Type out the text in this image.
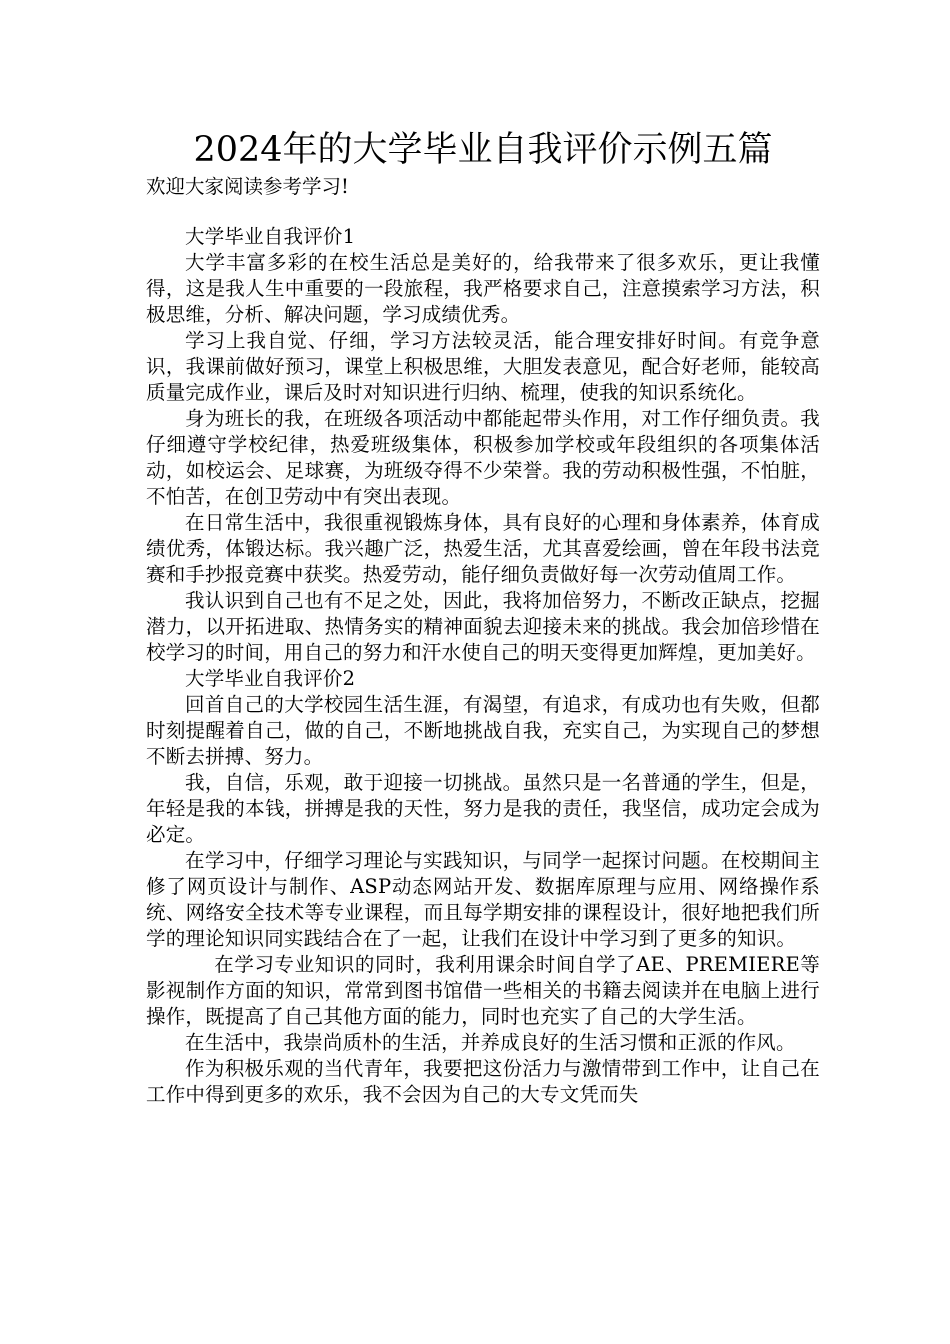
2024年的大学毕业自我评价示例五篇
欢迎大家阅读参考学习!

大学毕业自我评价1

大学丰富多彩的在校生活总是美好的，给我带来了很多欢乐，更让我懂得，这是我人生中重要的一段旅程，我严格要求自己，注意摸索学习方法，积极思维，分析、解决问题，学习成绩优秀。

学习上我自觉、仔细，学习方法较灵活，能合理安排好时间。有竞争意识，我课前做好预习，课堂上积极思维，大胆发表意见，配合好老师，能较高质量完成作业，课后及时对知识进行归纳、梳理，使我的知识系统化。

身为班长的我，在班级各项活动中都能起带头作用，对工作仔细负责。我仔细遵守学校纪律，热爱班级集体，积极参加学校或年段组织的各项集体活动，如校运会、足球赛，为班级夺得不少荣誉。我的劳动积极性强，不怕脏，不怕苦，在创卫劳动中有突出表现。

在日常生活中，我很重视锻炼身体，具有良好的心理和身体素养，体育成绩优秀，体锻达标。我兴趣广泛，热爱生活，尤其喜爱绘画，曾在年段书法竞赛和手抄报竞赛中获奖。热爱劳动，能仔细负责做好每一次劳动值周工作。

我认识到自己也有不足之处，因此，我将加倍努力，不断改正缺点，挖掘潜力，以开拓进取、热情务实的精神面貌去迎接未来的挑战。我会加倍珍惜在校学习的时间，用自己的努力和汗水使自己的明天变得更加辉煌，更加美好。

大学毕业自我评价2

回首自己的大学校园生活生涯，有渴望，有追求，有成功也有失败，但都时刻提醒着自己，做的自己，不断地挑战自我，充实自己，为实现自己的梦想不断去拼搏、努力。

我，自信，乐观，敢于迎接一切挑战。虽然只是一名普通的学生，但是，年轻是我的本钱，拼搏是我的天性，努力是我的责任，我坚信，成功定会成为必定。

在学习中，仔细学习理论与实践知识，与同学一起探讨问题。在校期间主修了网页设计与制作、ASP动态网站开发、数据库原理与应用、网络操作系统、网络安全技术等专业课程，而且每学期安排的课程设计，很好地把我们所学的理论知识同实践结合在了一起，让我们在设计中学习到了更多的知识。

在学习专业知识的同时，我利用课余时间自学了AE、PREMIERE等影视制作方面的知识，常常到图书馆借一些相关的书籍去阅读并在电脑上进行操作，既提高了自己其他方面的能力，同时也充实了自己的大学生活。

在生活中，我崇尚质朴的生活，并养成良好的生活习惯和正派的作风。

作为积极乐观的当代青年，我要把这份活力与激情带到工作中，让自己在工作中得到更多的欢乐，我不会因为自己的大专文凭而失
